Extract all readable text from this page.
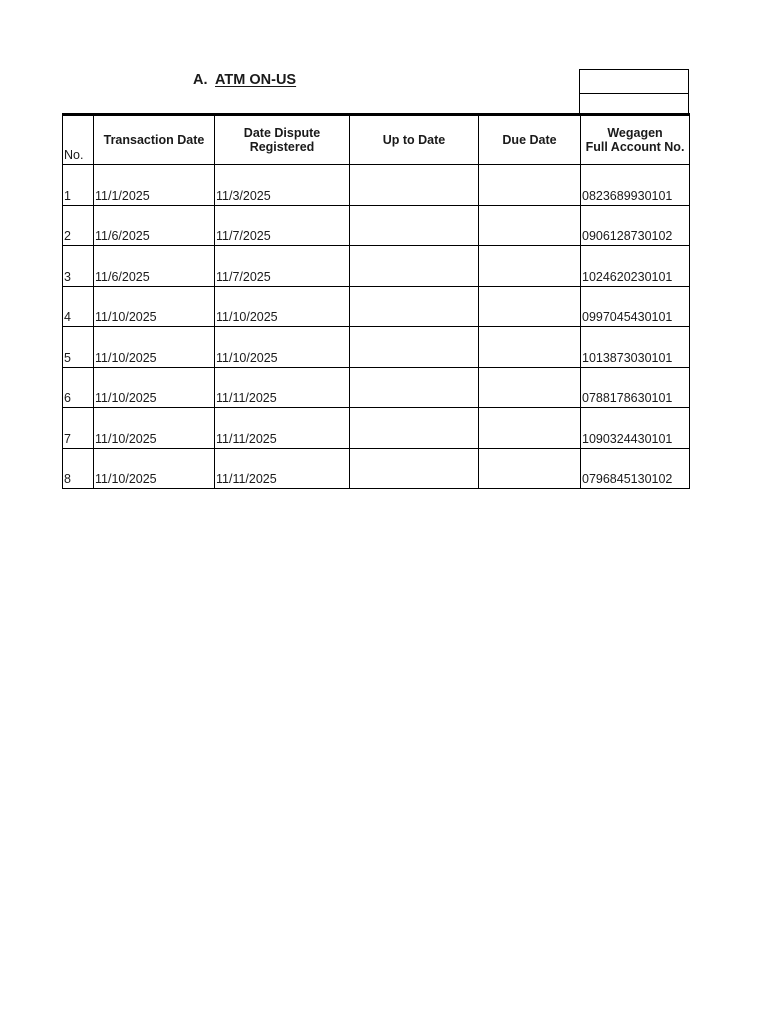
A. ATM ON-US
No.	Transaction Date	Date Dispute
Registered	Up to Date	Due Date	Wegagen
Full Account No.
1	11/1/2025	11/3/2025			0823689930101
2	11/6/2025	11/7/2025			0906128730102
3	11/6/2025	11/7/2025			1024620230101
4	11/10/2025	11/10/2025			0997045430101
5	11/10/2025	11/10/2025			1013873030101
6	11/10/2025	11/11/2025			0788178630101
7	11/10/2025	11/11/2025			1090324430101
8	11/10/2025	11/11/2025			0796845130102
